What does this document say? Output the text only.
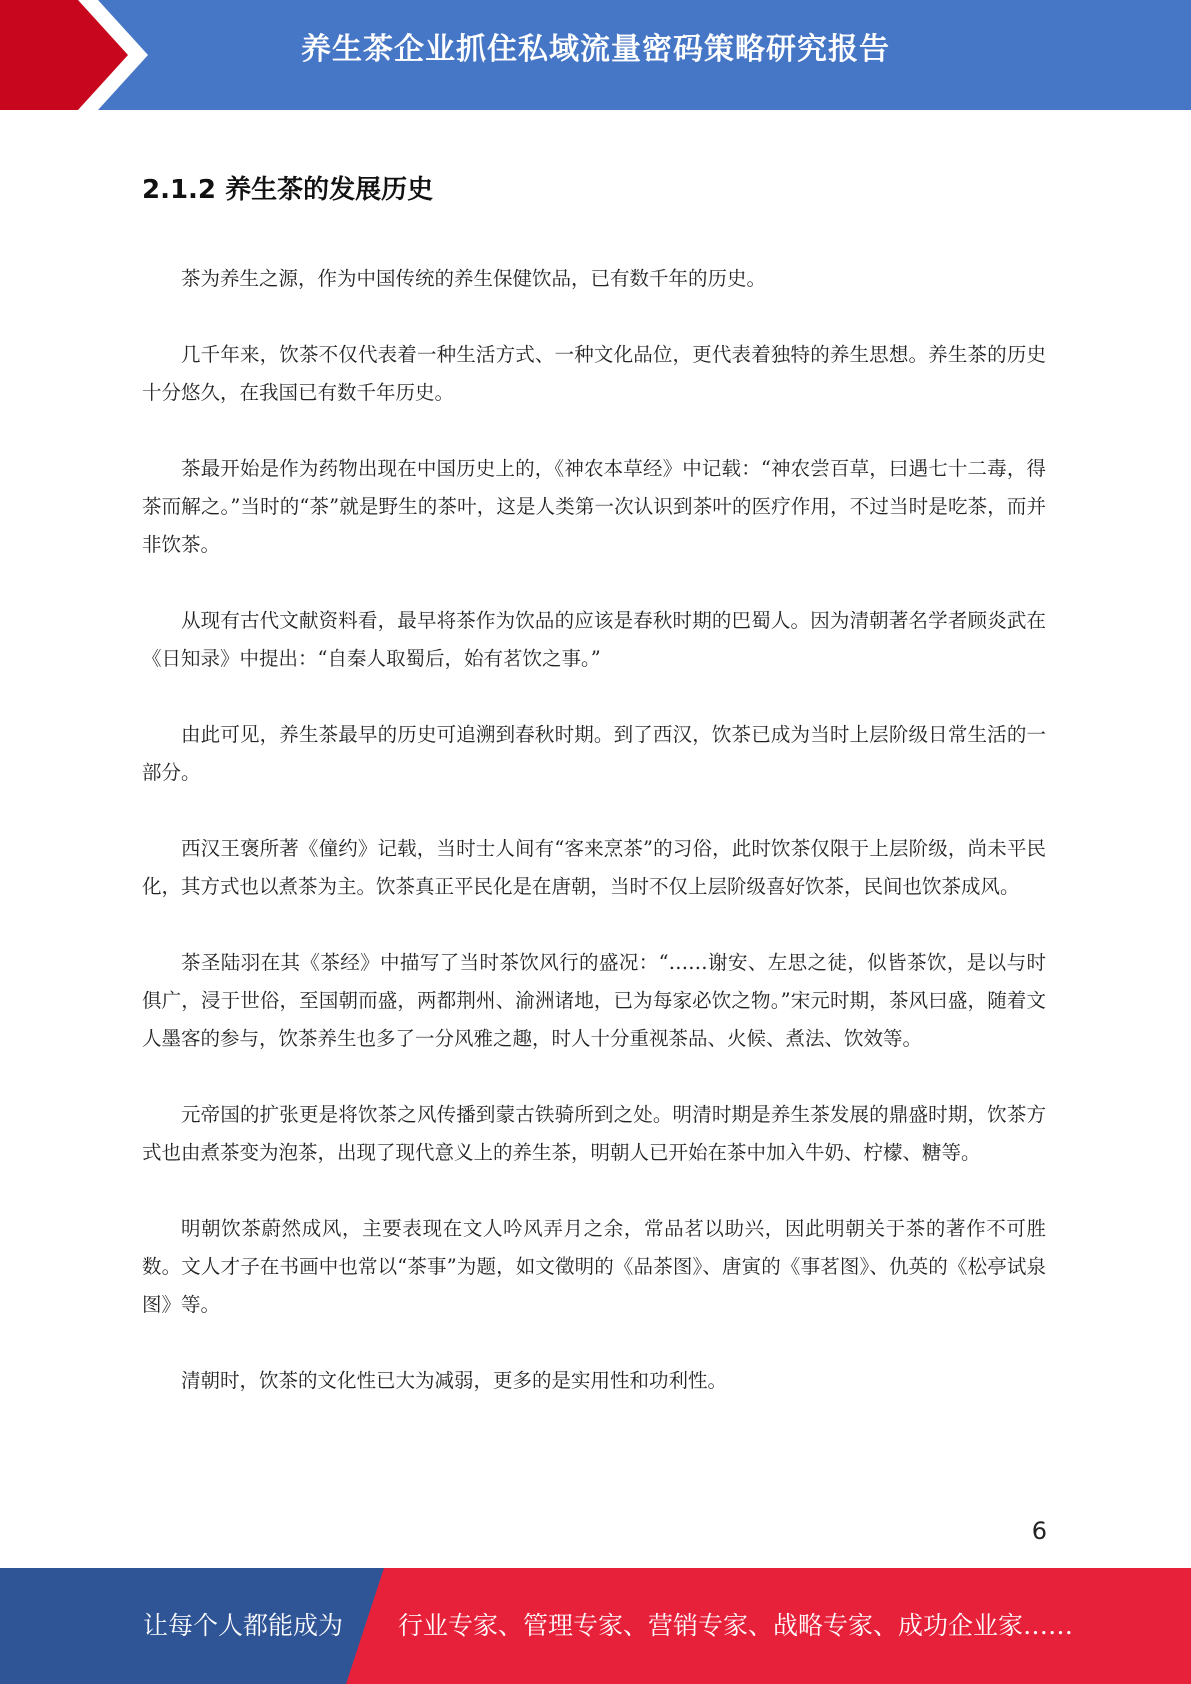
养生茶企业抓住私域流量密码策略研究报告
2.1.2 养生茶的发展历史

茶为养生之源，作为中国传统的养生保健饮品，已有数千年的历史。

几千年来，饮茶不仅代表着一种生活方式、一种文化品位，更代表着独特的养生思想。养生茶的历史十分悠久，在我国已有数千年历史。

茶最开始是作为药物出现在中国历史上的，《神农本草经》中记载：“神农尝百草，曰遇七十二毒，得茶而解之。”当时的“茶”就是野生的茶叶，这是人类第一次认识到茶叶的医疗作用，不过当时是吃茶，而并非饮茶。

从现有古代文献资料看，最早将茶作为饮品的应该是春秋时期的巴蜀人。因为清朝著名学者顾炎武在《日知录》中提出：“自秦人取蜀后，始有茗饮之事。”

由此可见，养生茶最早的历史可追溯到春秋时期。到了西汉，饮茶已成为当时上层阶级日常生活的一部分。

西汉王褒所著《僮约》记载，当时士人间有“客来烹茶”的习俗，此时饮茶仅限于上层阶级，尚未平民化，其方式也以煮茶为主。饮茶真正平民化是在唐朝，当时不仅上层阶级喜好饮茶，民间也饮茶成风。

茶圣陆羽在其《茶经》中描写了当时茶饮风行的盛况：“……谢安、左思之徒，似皆茶饮，是以与时俱广，浸于世俗，至国朝而盛，两都荆州、渝洲诸地，已为每家必饮之物。”宋元时期，茶风曰盛，随着文人墨客的参与，饮茶养生也多了一分风雅之趣，时人十分重视茶品、火候、煮法、饮效等。

元帝国的扩张更是将饮茶之风传播到蒙古铁骑所到之处。明清时期是养生茶发展的鼎盛时期，饮茶方式也由煮茶变为泡茶，出现了现代意义上的养生茶，明朝人已开始在茶中加入牛奶、柠檬、糖等。

明朝饮茶蔚然成风，主要表现在文人吟风弄月之余，常品茗以助兴，因此明朝关于茶的著作不可胜数。文人才子在书画中也常以“茶事”为题，如文徵明的《品茶图》、唐寅的《事茗图》、仇英的《松亭试泉图》等。

清朝时，饮茶的文化性已大为减弱，更多的是实用性和功利性。

6
让每个人都能成为 行业专家、管理专家、营销专家、战略专家、成功企业家……
